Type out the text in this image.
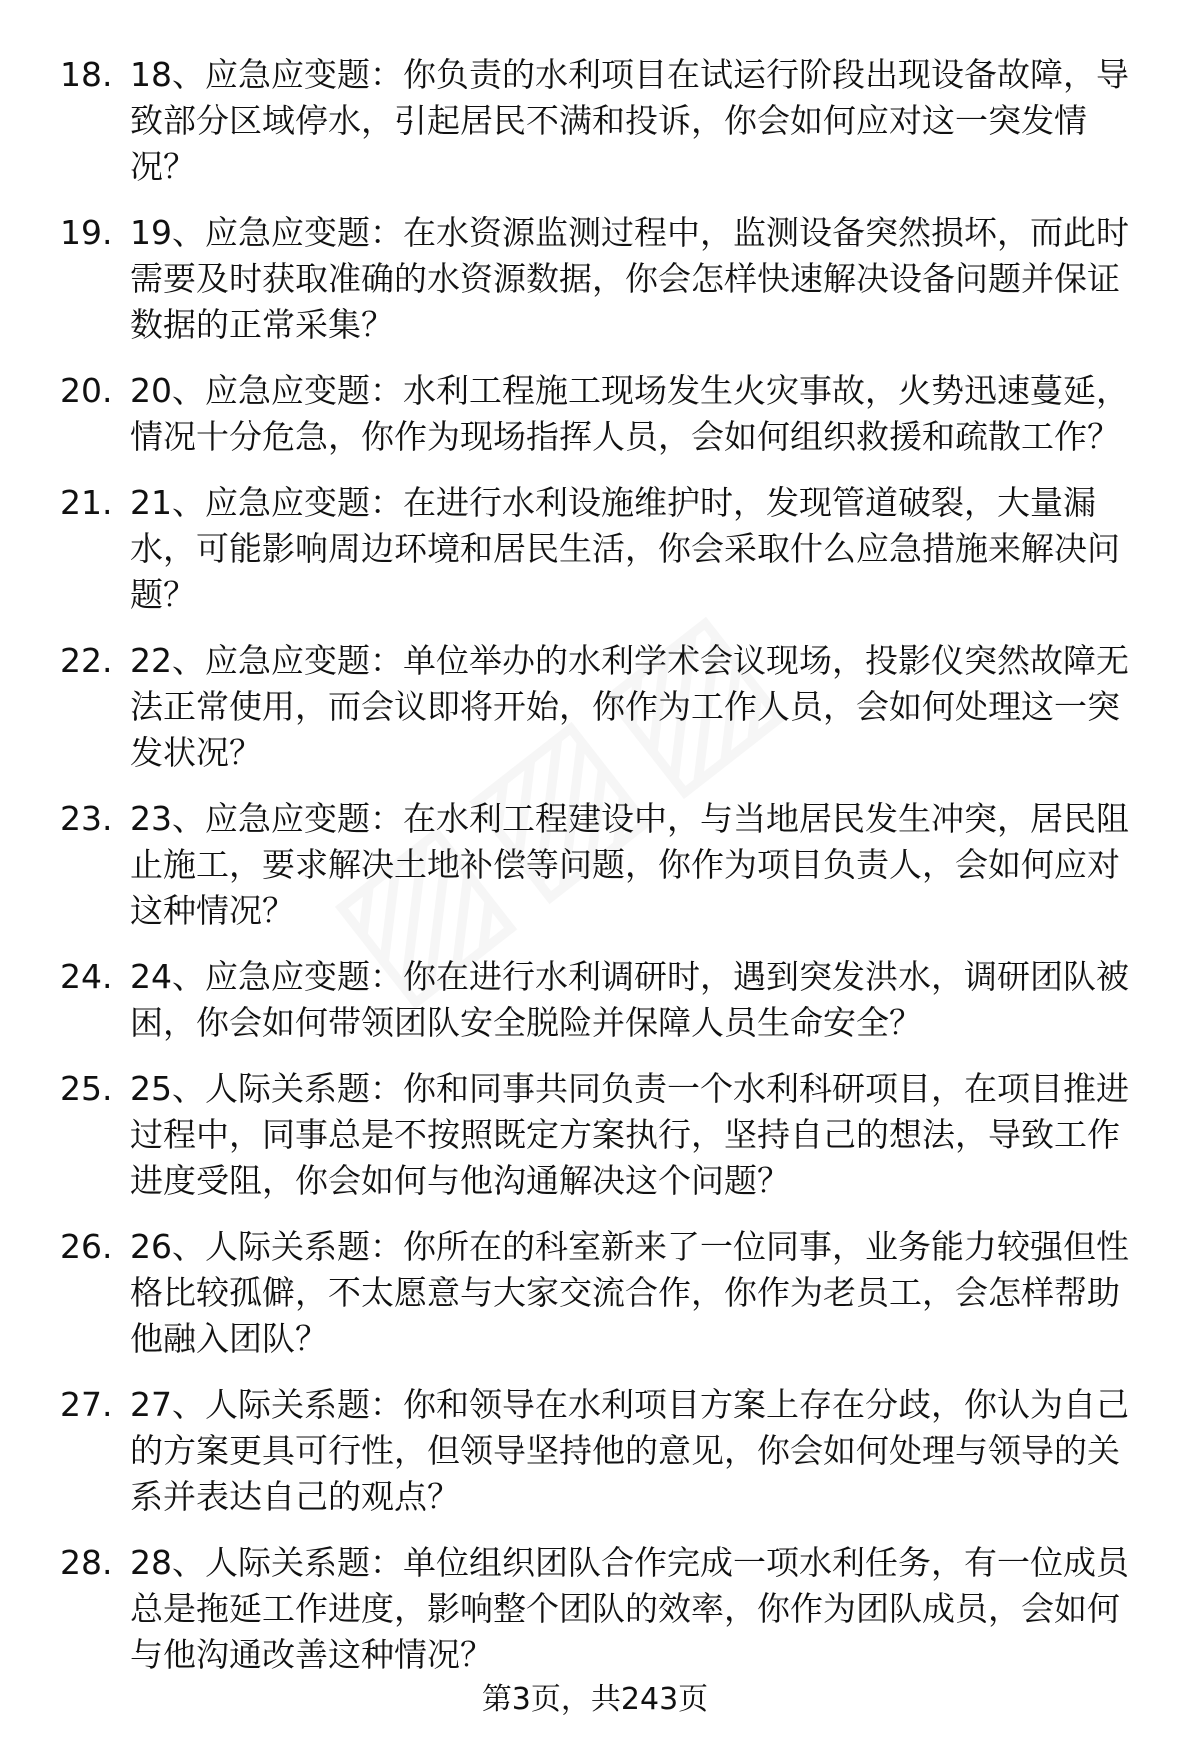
18. 18、应急应变题：你负责的水利项目在试运行阶段出现设备故障，导致部分区域停水，引起居民不满和投诉，你会如何应对这一突发情况？
19. 19、应急应变题：在水资源监测过程中，监测设备突然损坏，而此时需要及时获取准确的水资源数据，你会怎样快速解决设备问题并保证数据的正常采集？
20. 20、应急应变题：水利工程施工现场发生火灾事故，火势迅速蔓延，情况十分危急，你作为现场指挥人员，会如何组织救援和疏散工作？
21. 21、应急应变题：在进行水利设施维护时，发现管道破裂，大量漏水，可能影响周边环境和居民生活，你会采取什么应急措施来解决问题？
22. 22、应急应变题：单位举办的水利学术会议现场，投影仪突然故障无法正常使用，而会议即将开始，你作为工作人员，会如何处理这一突发状况？
23. 23、应急应变题：在水利工程建设中，与当地居民发生冲突，居民阻止施工，要求解决土地补偿等问题，你作为项目负责人，会如何应对这种情况？
24. 24、应急应变题：你在进行水利调研时，遇到突发洪水，调研团队被困，你会如何带领团队安全脱险并保障人员生命安全？
25. 25、人际关系题：你和同事共同负责一个水利科研项目，在项目推进过程中，同事总是不按照既定方案执行，坚持自己的想法，导致工作进度受阻，你会如何与他沟通解决这个问题？
26. 26、人际关系题：你所在的科室新来了一位同事，业务能力较强但性格比较孤僻，不太愿意与大家交流合作，你作为老员工，会怎样帮助他融入团队？
27. 27、人际关系题：你和领导在水利项目方案上存在分歧，你认为自己的方案更具可行性，但领导坚持他的意见，你会如何处理与领导的关系并表达自己的观点？
28. 28、人际关系题：单位组织团队合作完成一项水利任务，有一位成员总是拖延工作进度，影响整个团队的效率，你作为团队成员，会如何与他沟通改善这种情况？
第3页，共243页
